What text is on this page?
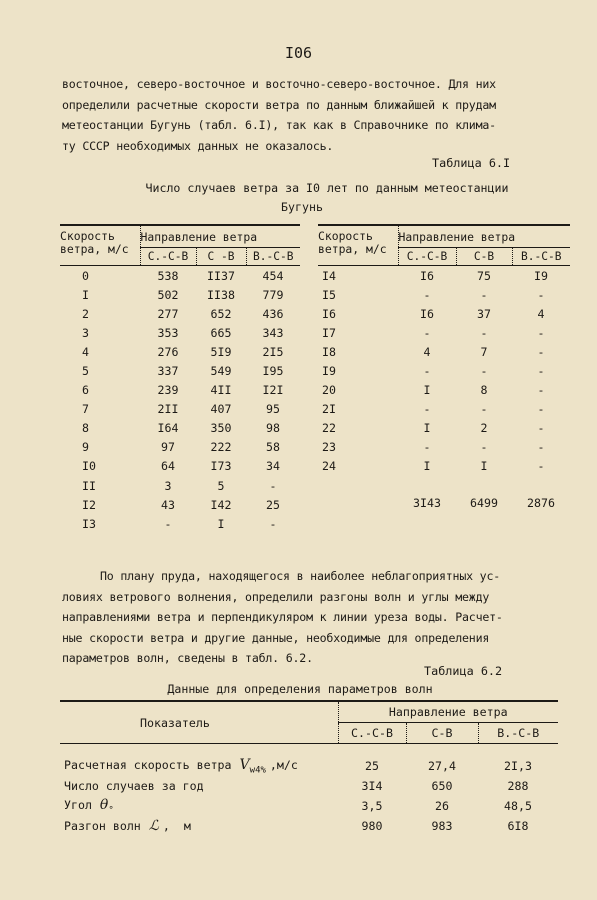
I06
восточное, северо-восточное и восточно-северо-восточное. Для них
определили расчетные скорости ветра по данным ближайшей к прудам
метеостанции Бугунь (табл. 6.I), так как в Справочнике по клима-
ту СССР необходимых данных не оказалось.
Таблица 6.I
Число случаев ветра за I0 лет по данным метеостанции
Бугунь
Скорость
ветра, м/с	Направление ветра		
	С.-С-В	С -В	В.-С-В
0	538	II37	454
I	502	II38	779
2	277	652	436
3	353	665	343
4	276	5I9	2I5
5	337	549	I95
6	239	4II	I2I
7	2II	407	95
8	I64	350	98
9	97	222	58
I0	64	I73	34
II	3	5	-
I2	43	I42	25
I3	-	I	-
Скорость
ветра, м/с	Направление ветра		
	С.-С-В	С-В	В.-С-В
I4	I6	75	I9
I5	-	-	-
I6	I6	37	4
I7	-	-	-
I8	4	7	-
I9	-	-	-
20	I	8	-
2I	-	-	-
22	I	2	-
23	-	-	-
24	I	I	-

	3I43	6499	2876
По плану пруда, находящегося в наиболее неблагоприятных ус-
ловиях ветрового волнения, определили разгоны волн и углы между
направлениями ветра и перпендикуляром к линии уреза воды. Расчет-
ные скорости ветра и другие данные, необходимые для определения
параметров волн, сведены в табл. 6.2.
Таблица 6.2
Данные для определения параметров волн
Показатель	Направление ветра		
	С.-С-В	С-В	В.-С-В

Расчетная скорость ветра $V_{w4\%}$ ,м/с	25	27,4	2I,3
Число случаев за год	3I4	650	288
Угол $\theta^\circ$	3,5	26	48,5
Разгон волн ℒ ,  м	980	983	6I8
